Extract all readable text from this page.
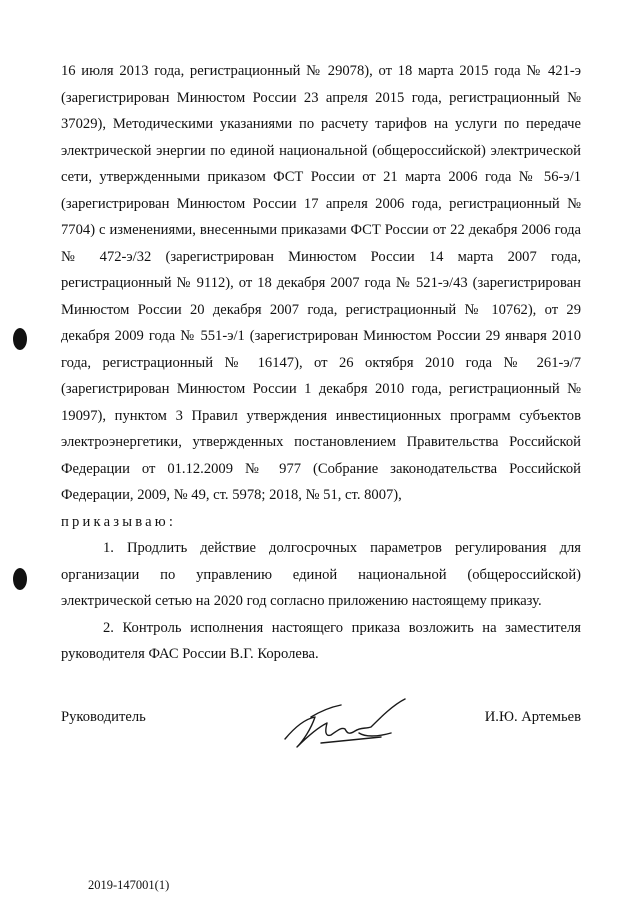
16 июля 2013 года, регистрационный № 29078), от 18 марта 2015 года № 421-э (зарегистрирован Минюстом России 23 апреля 2015 года, регистрационный № 37029), Методическими указаниями по расчету тарифов на услуги по передаче электрической энергии по единой национальной (общероссийской) электрической сети, утвержденными приказом ФСТ России от 21 марта 2006 года № 56-э/1 (зарегистрирован Минюстом России 17 апреля 2006 года, регистрационный № 7704) с изменениями, внесенными приказами ФСТ России от 22 декабря 2006 года № 472-э/32 (зарегистрирован Минюстом России 14 марта 2007 года, регистрационный № 9112), от 18 декабря 2007 года № 521-э/43 (зарегистрирован Минюстом России 20 декабря 2007 года, регистрационный № 10762), от 29 декабря 2009 года № 551-э/1 (зарегистрирован Минюстом России 29 января 2010 года, регистрационный № 16147), от 26 октября 2010 года № 261-э/7 (зарегистрирован Минюстом России 1 декабря 2010 года, регистрационный № 19097), пунктом 3 Правил утверждения инвестиционных программ субъектов электроэнергетики, утвержденных постановлением Правительства Российской Федерации от 01.12.2009 № 977 (Собрание законодательства Российской Федерации, 2009, № 49, ст. 5978; 2018, № 51, ст. 8007),

приказываю:

1. Продлить действие долгосрочных параметров регулирования для организации по управлению единой национальной (общероссийской) электрической сетью на 2020 год согласно приложению настоящему приказу.

2. Контроль исполнения настоящего приказа возложить на заместителя руководителя ФАС России В.Г. Королева.

Руководитель	И.Ю. Артемьев
2019-147001(1)
